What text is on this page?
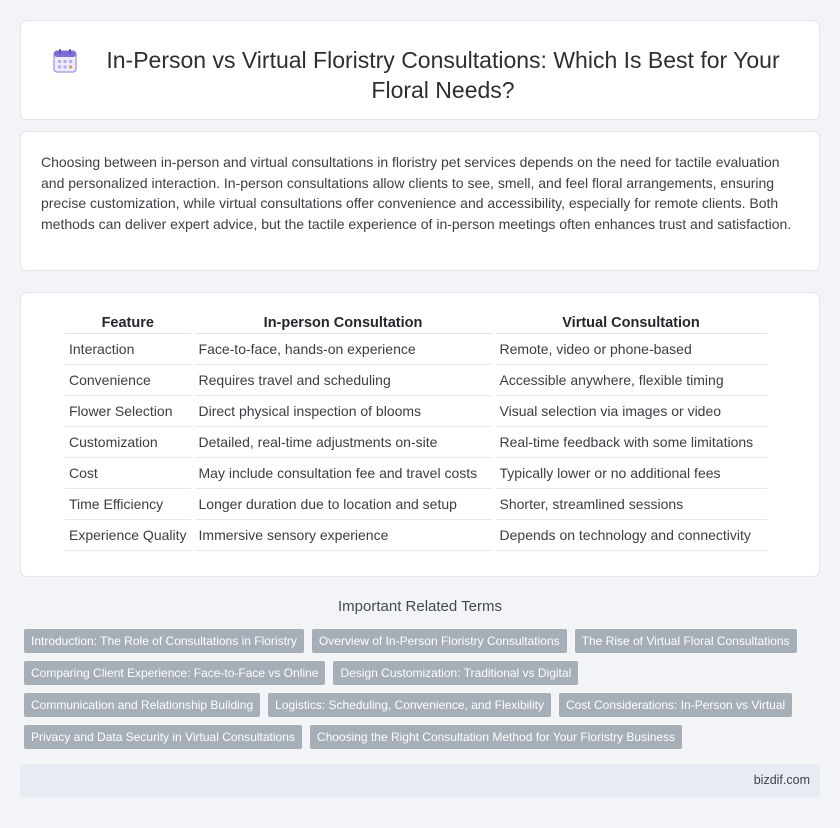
In-Person vs Virtual Floristry Consultations: Which Is Best for Your Floral Needs?

Choosing between in-person and virtual consultations in floristry pet services depends on the need for tactile evaluation and personalized interaction. In-person consultations allow clients to see, smell, and feel floral arrangements, ensuring precise customization, while virtual consultations offer convenience and accessibility, especially for remote clients. Both methods can deliver expert advice, but the tactile experience of in-person meetings often enhances trust and satisfaction.

Feature	In-person Consultation	Virtual Consultation
Interaction	Face-to-face, hands-on experience	Remote, video or phone-based
Convenience	Requires travel and scheduling	Accessible anywhere, flexible timing
Flower Selection	Direct physical inspection of blooms	Visual selection via images or video
Customization	Detailed, real-time adjustments on-site	Real-time feedback with some limitations
Cost	May include consultation fee and travel costs	Typically lower or no additional fees
Time Efficiency	Longer duration due to location and setup	Shorter, streamlined sessions
Experience Quality	Immersive sensory experience	Depends on technology and connectivity
Important Related Terms
Introduction: The Role of Consultations in Floristry	Overview of In-Person Floristry Consultations	The Rise of Virtual Floral Consultations
Comparing Client Experience: Face-to-Face vs Online	Design Customization: Traditional vs Digital
Communication and Relationship Building	Logistics: Scheduling, Convenience, and Flexibility	Cost Considerations: In-Person vs Virtual
Privacy and Data Security in Virtual Consultations	Choosing the Right Consultation Method for Your Floristry Business
bizdif.com
